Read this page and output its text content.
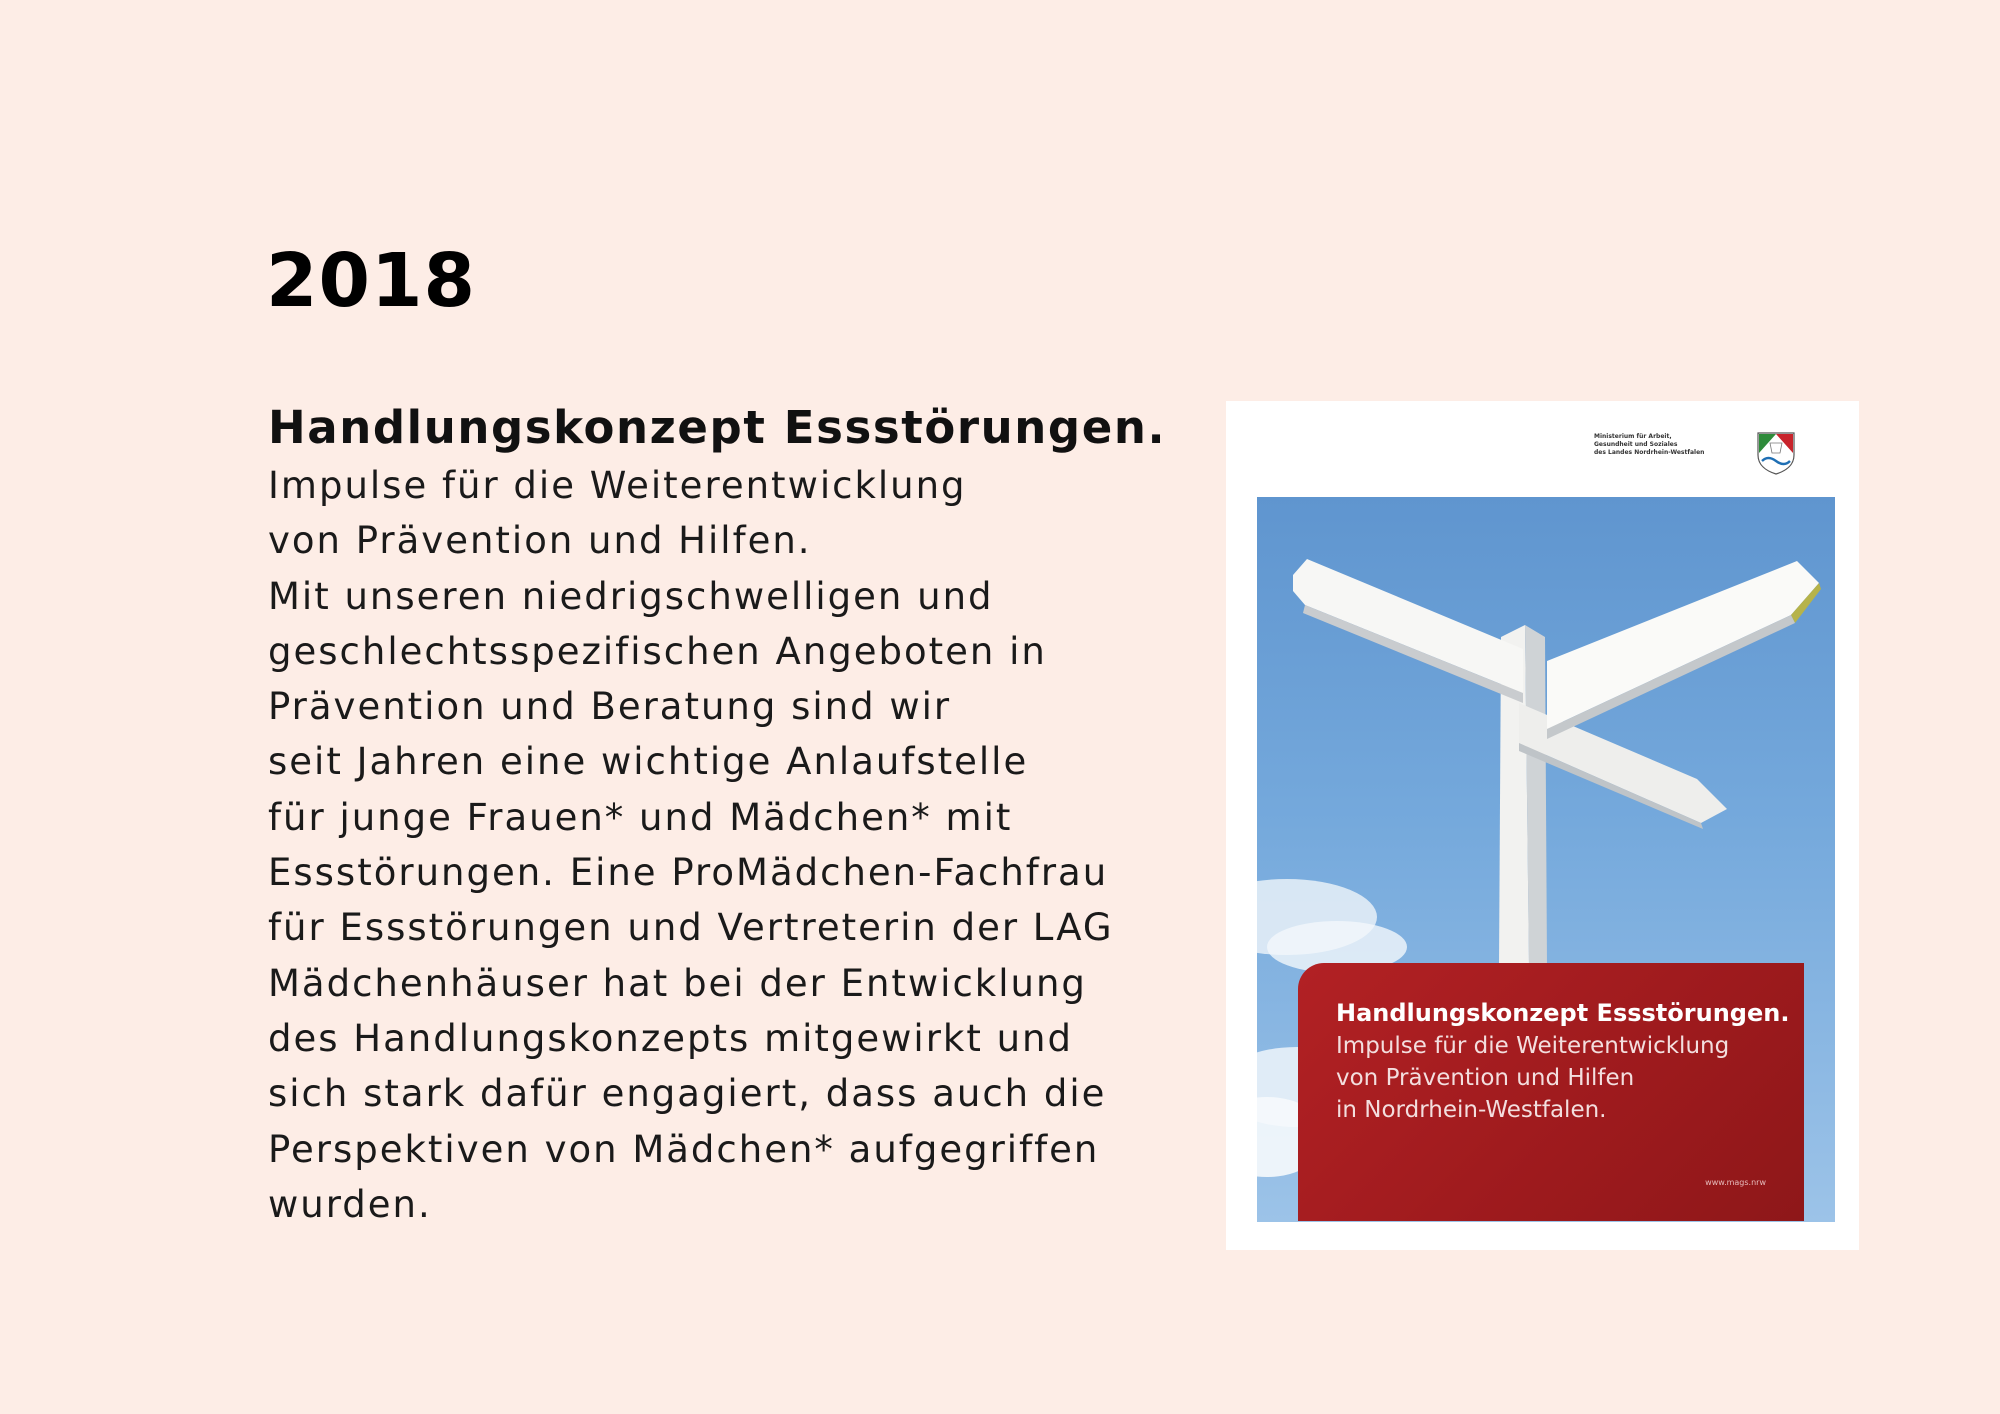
2018
Handlungskonzept Essstörungen.
Impulse für die Weiterentwicklung
von Prävention und Hilfen.
Mit unseren niedrigschwelligen und
geschlechtsspezifischen Angeboten in
Prävention und Beratung sind wir
seit Jahren eine wichtige Anlaufstelle
für junge Frauen* und Mädchen* mit
Essstörungen. Eine ProMädchen-Fachfrau
für Essstörungen und Vertreterin der LAG
Mädchenhäuser hat bei der Entwicklung
des Handlungskonzepts mitgewirkt und
sich stark dafür engagiert, dass auch die
Perspektiven von Mädchen* aufgegriffen
wurden.
Ministerium für Arbeit,
Gesundheit und Soziales
des Landes Nordrhein-Westfalen
Handlungskonzept Essstörungen.
Impulse für die Weiterentwicklung
von Prävention und Hilfen
in Nordrhein-Westfalen.
www.mags.nrw
